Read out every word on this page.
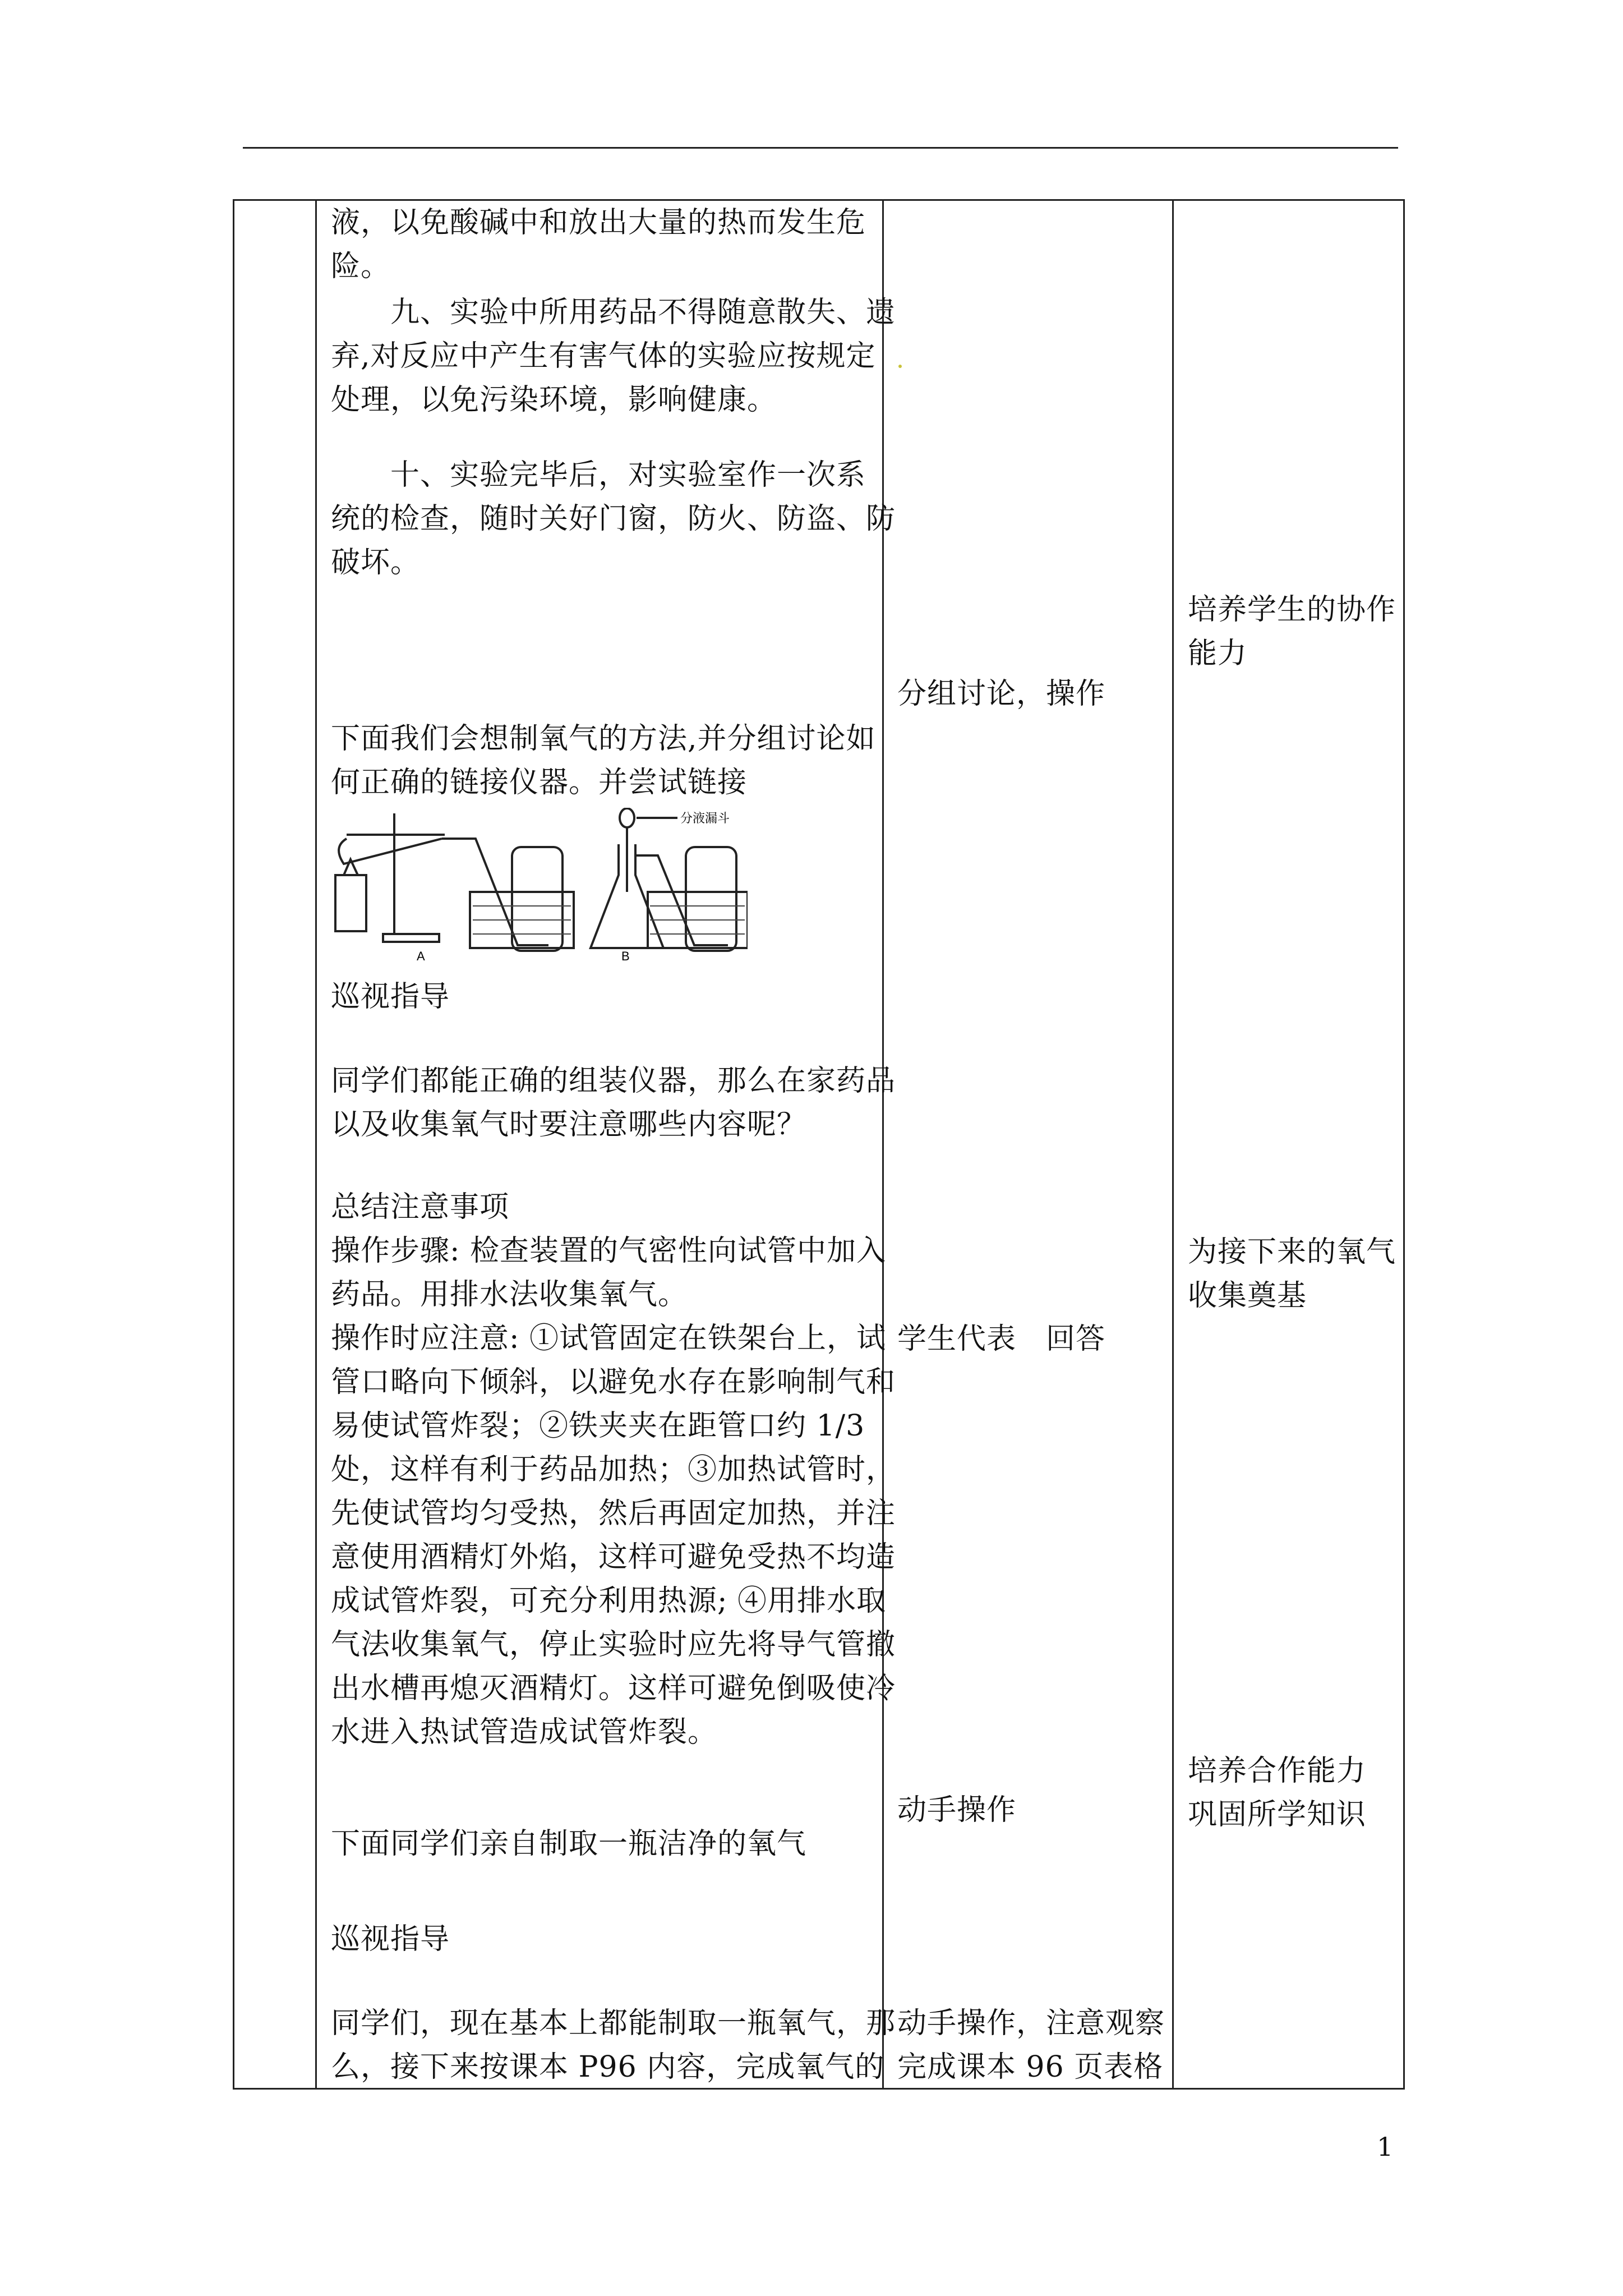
液，以免酸碱中和放出大量的热而发生危
险。

　　九、实验中所用药品不得随意散失、遗
弃,对反应中产生有害气体的实验应按规定
处理，以免污染环境，影响健康。

　　十、实验完毕后，对实验室作一次系
统的检查，随时关好门窗，防火、防盗、防
破坏。

下面我们会想制氧气的方法,并分组讨论如
何正确的链接仪器。并尝试链接

A	B
分液漏斗

巡视指导

同学们都能正确的组装仪器，那么在家药品
以及收集氧气时要注意哪些内容呢？

总结注意事项
操作步骤: 检查装置的气密性向试管中加入
药品。用排水法收集氧气。
操作时应注意: ①试管固定在铁架台上，试
管口略向下倾斜，以避免水存在影响制气和
易使试管炸裂；②铁夹夹在距管口约 1/3
处，这样有利于药品加热；③加热试管时，
先使试管均匀受热，然后再固定加热，并注
意使用酒精灯外焰，这样可避免受热不均造
成试管炸裂，可充分利用热源; ④用排水取
气法收集氧气，停止实验时应先将导气管撤
出水槽再熄灭酒精灯。这样可避免倒吸使冷
水进入热试管造成试管炸裂。

下面同学们亲自制取一瓶洁净的氧气

巡视指导

同学们，现在基本上都能制取一瓶氧气，那
么，接下来按课本 P96 内容，完成氧气的

分组讨论，操作

学生代表　回答

动手操作

动手操作，注意观察
完成课本 96 页表格

培养学生的协作
能力

为接下来的氧气
收集奠基

培养合作能力
巩固所学知识

1
